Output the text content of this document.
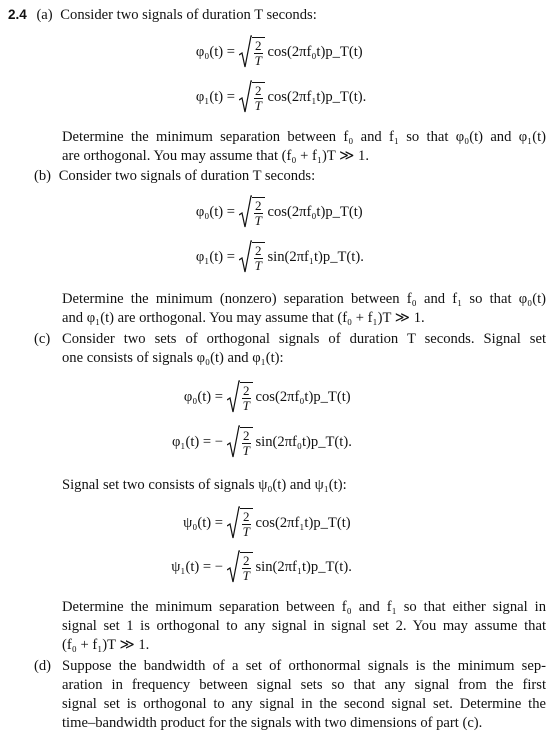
2.4 (a) Consider two signals of duration T seconds:
$\varphi_0(t) = \frac{2}{T}$ cos(2πf₀t)p_T(t)
$\varphi_1(t) = \frac{2}{T}$ cos(2πf₁t)p_T(t).
Determine the minimum separation between f₀ and f₁ so that φ₀(t) and φ₁(t)
are orthogonal. You may assume that (f₀ + f₁)T ≫ 1.
(b) Consider two signals of duration T seconds:
$\varphi_0(t) = \frac{2}{T}$ cos(2πf₀t)p_T(t)
$\varphi_1(t) = \frac{2}{T}$ sin(2πf₁t)p_T(t).
Determine the minimum (nonzero) separation between f₀ and f₁ so that φ₀(t)
and φ₁(t) are orthogonal. You may assume that (f₀ + f₁)T ≫ 1.
(c) Consider two sets of orthogonal signals of duration T seconds. Signal set
one consists of signals φ₀(t) and φ₁(t):
$\varphi_0(t) = \frac{2}{T}$ cos(2πf₀t)p_T(t)
φ₁(t) = − $\frac{2}{T}$ sin(2πf₀t)p_T(t).
Signal set two consists of signals ψ₀(t) and ψ₁(t):
$\psi_0(t) = \frac{2}{T}$ cos(2πf₁t)p_T(t)
ψ₁(t) = − $\frac{2}{T}$ sin(2πf₁t)p_T(t).
Determine the minimum separation between f₀ and f₁ so that either signal in
signal set 1 is orthogonal to any signal in signal set 2. You may assume that
(f₀ + f₁)T ≫ 1.
(d) Suppose the bandwidth of a set of orthonormal signals is the minimum sep-
aration in frequency between signal sets so that any signal from the first
signal set is orthogonal to any signal in the second signal set. Determine the
time–bandwidth product for the signals with two dimensions of part (c).
